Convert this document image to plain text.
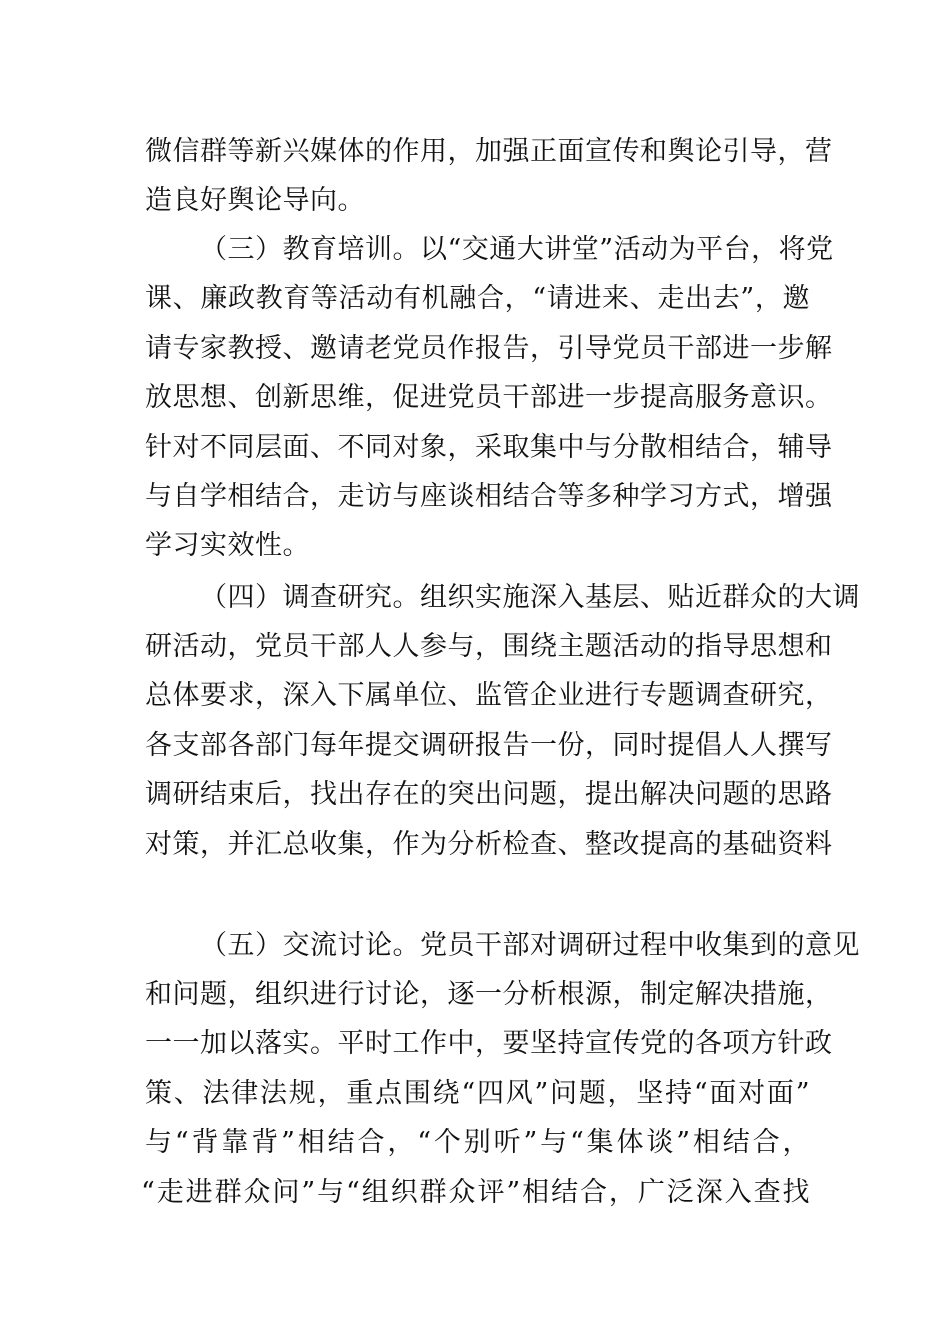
微信群等新兴媒体的作用，加强正面宣传和舆论引导，营
造良好舆论导向。
（三）教育培训。以“交通大讲堂”活动为平台，将党
课、廉政教育等活动有机融合，“请进来、走出去”，邀
请专家教授、邀请老党员作报告，引导党员干部进一步解
放思想、创新思维，促进党员干部进一步提高服务意识。
针对不同层面、不同对象，采取集中与分散相结合，辅导
与自学相结合，走访与座谈相结合等多种学习方式，增强
学习实效性。
（四）调查研究。组织实施深入基层、贴近群众的大调
研活动，党员干部人人参与，围绕主题活动的指导思想和
总体要求，深入下属单位、监管企业进行专题调查研究，
各支部各部门每年提交调研报告一份，同时提倡人人撰写
调研结束后，找出存在的突出问题，提出解决问题的思路
对策，并汇总收集，作为分析检查、整改提高的基础资料
（五）交流讨论。党员干部对调研过程中收集到的意见
和问题，组织进行讨论，逐一分析根源，制定解决措施，
一一加以落实。平时工作中，要坚持宣传党的各项方针政
策、法律法规，重点围绕“四风”问题，坚持“面对面”
与“背靠背”相结合，“个别听”与“集体谈”相结合，
“走进群众问”与“组织群众评”相结合，广泛深入查找
